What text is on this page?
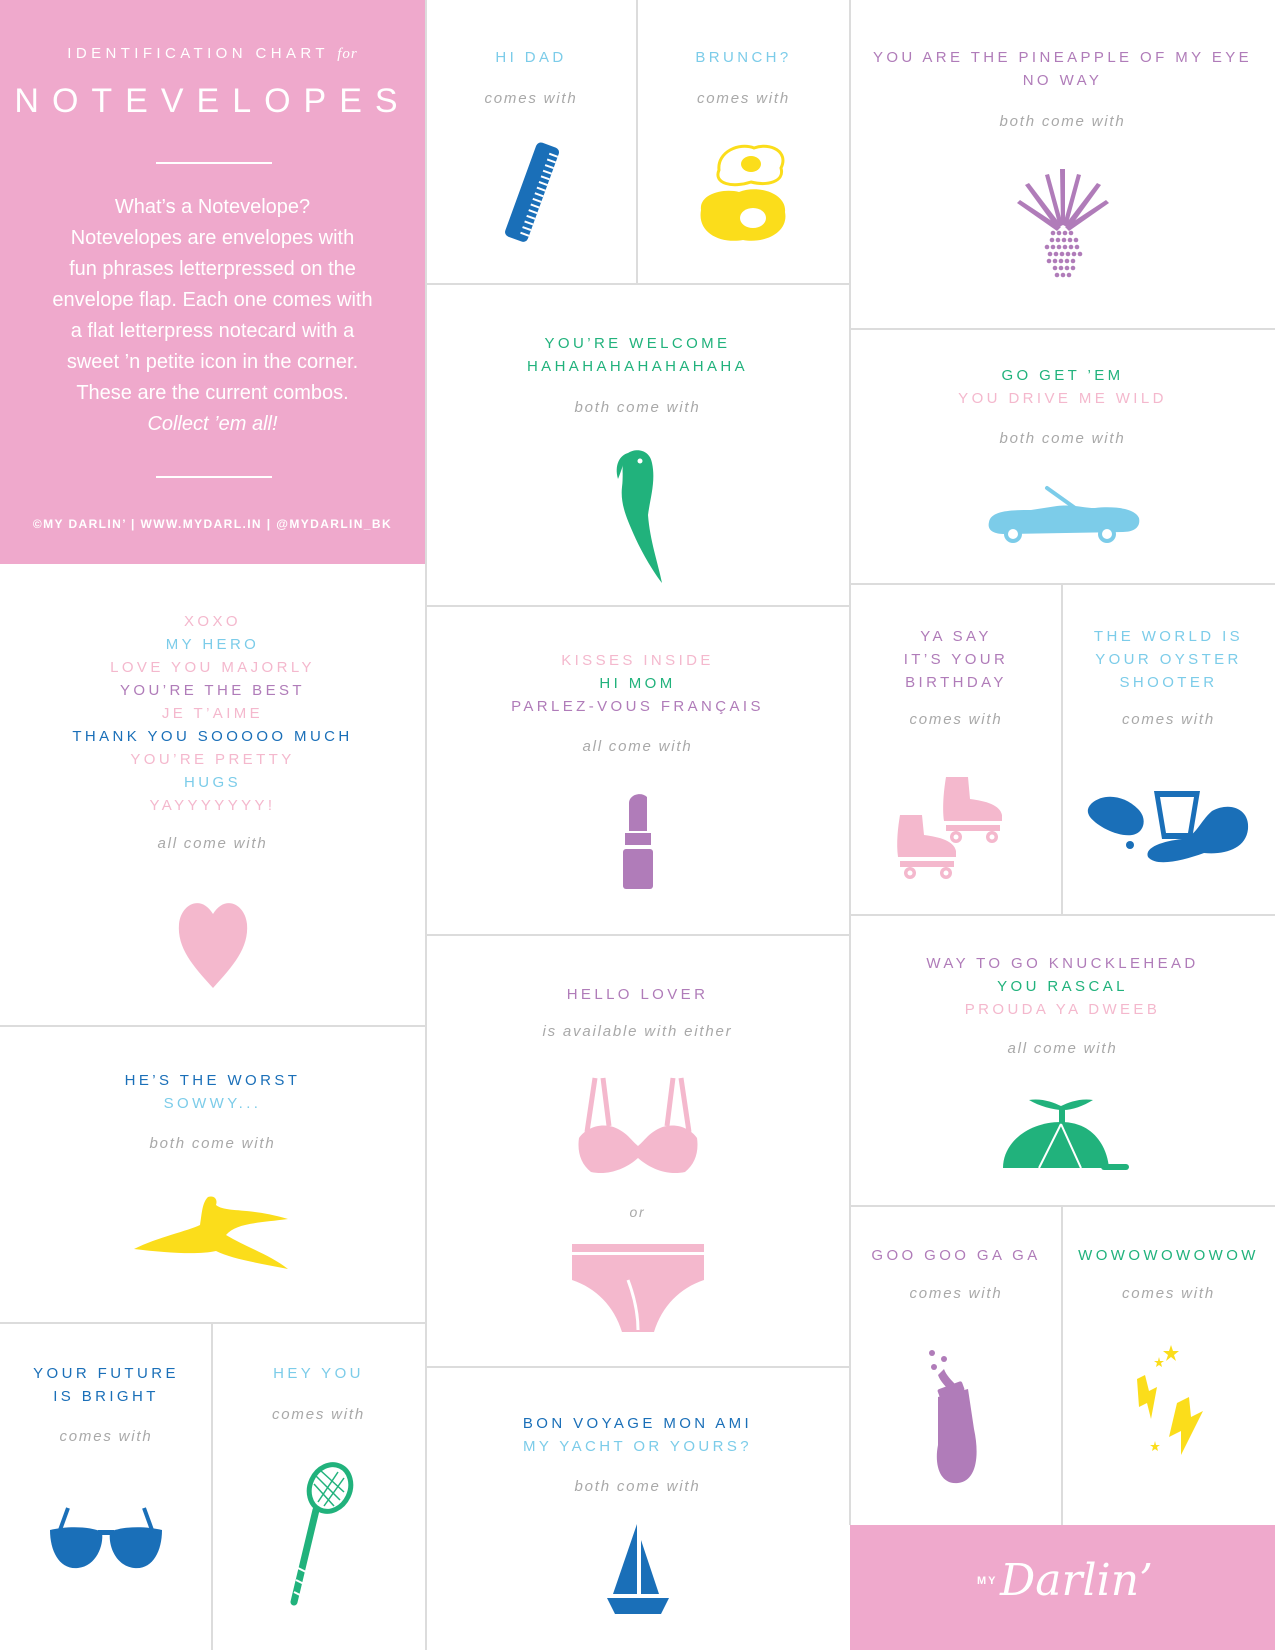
IDENTIFICATION CHART for
NOTEVELOPES

What’s a Notevelope?
Notevelopes are envelopes with
fun phrases letterpressed on the
envelope flap. Each one comes with
a flat letterpress notecard with a
sweet ’n petite icon in the corner.
These are the current combos.
Collect ’em all!

©MY DARLIN’ | WWW.MYDARL.IN | @MYDARLIN_BK
HI DAD
comes with
BRUNCH?
comes with
YOU ARE THE PINEAPPLE OF MY EYE
NO WAY
both come with
YOU’RE WELCOME
HAHAHAHAHAHAHAHA
both come with
GO GET ’EM
YOU DRIVE ME WILD
both come with
XOXO
MY HERO
LOVE YOU MAJORLY
YOU’RE THE BEST
JE T’AIME
THANK YOU SOOOOO MUCH
YOU’RE PRETTY
HUGS
YAYYYYYYY!
all come with
KISSES INSIDE
HI MOM
PARLEZ-VOUS FRANÇAIS
all come with
YA SAY
IT’S YOUR
BIRTHDAY
comes with
THE WORLD IS
YOUR OYSTER
SHOOTER
comes with
WAY TO GO KNUCKLEHEAD
YOU RASCAL
PROUDA YA DWEEB
all come with
HE’S THE WORST
SOWWY...
both come with
HELLO LOVER
is available with either
or
GOO GOO GA GA
comes with
WOWOWOWOWOW
comes with
YOUR FUTURE
IS BRIGHT
comes with
HEY YOU
comes with
BON VOYAGE MON AMI
MY YACHT OR YOURS?
both come with
MY Darlin’
